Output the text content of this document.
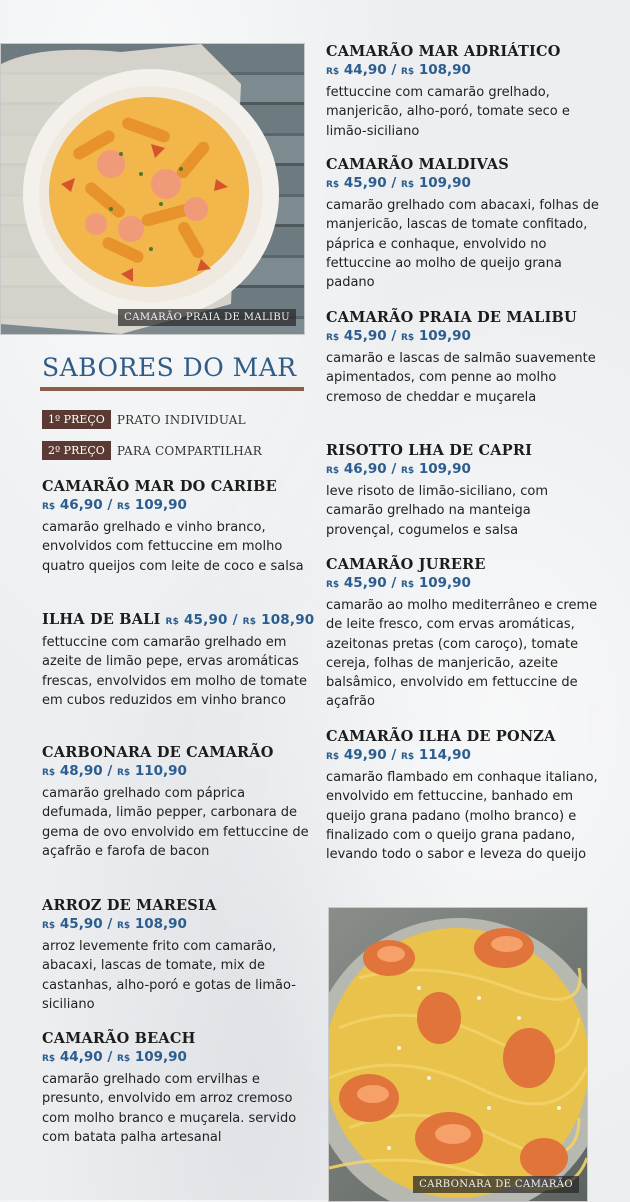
CAMARÃO PRAIA DE MALIBU
SABORES DO MAR
1º PREÇO	PRATO INDIVIDUAL
2º PREÇO	PARA COMPARTILHAR
CAMARÃO MAR DO CARIBE
R$ 46,90 / R$ 109,90
camarão grelhado e vinho branco, envolvidos com fettuccine em molho quatro queijos com leite de coco e salsa
ILHA DE BALI R$ 45,90 / R$ 108,90
fettuccine com camarão grelhado em azeite de limão pepe, ervas aromáticas frescas, envolvidos em molho de tomate em cubos reduzidos em vinho branco
CARBONARA DE CAMARÃO
R$ 48,90 / R$ 110,90
camarão grelhado com páprica defumada, limão pepper, carbonara de gema de ovo envolvido em fettuccine de açafrão e farofa de bacon
ARROZ DE MARESIA
R$ 45,90 / R$ 108,90
arroz levemente frito com camarão, abacaxi, lascas de tomate, mix de castanhas, alho-poró e gotas de limão-siciliano
CAMARÃO BEACH
R$ 44,90 / R$ 109,90
camarão grelhado com ervilhas e presunto, envolvido em arroz cremoso com molho branco e muçarela. servido com batata palha artesanal
CAMARÃO MAR ADRIÁTICO
R$ 44,90 / R$ 108,90
fettuccine com camarão grelhado, manjericão, alho-poró, tomate seco e limão-siciliano
CAMARÃO MALDIVAS
R$ 45,90 / R$ 109,90
camarão grelhado com abacaxi, folhas de manjericão, lascas de tomate confitado, páprica e conhaque, envolvido no fettuccine ao molho de queijo grana padano
CAMARÃO PRAIA DE MALIBU
R$ 45,90 / R$ 109,90
camarão e lascas de salmão suavemente apimentados, com penne ao molho cremoso de cheddar e muçarela
RISOTTO LHA DE CAPRI
R$ 46,90 / R$ 109,90
leve risoto de limão-siciliano, com camarão grelhado na manteiga provençal, cogumelos e salsa
CAMARÃO JURERE
R$ 45,90 / R$ 109,90
camarão ao molho mediterrâneo e creme de leite fresco, com ervas aromáticas, azeitonas pretas (com caroço), tomate cereja, folhas de manjericão, azeite balsâmico, envolvido em fettuccine de açafrão
CAMARÃO ILHA DE PONZA
R$ 49,90 / R$ 114,90
camarão flambado em conhaque italiano, envolvido em fettuccine, banhado em queijo grana padano (molho branco) e finalizado com o queijo grana padano, levando todo o sabor e leveza do queijo
CARBONARA DE CAMARÃO
